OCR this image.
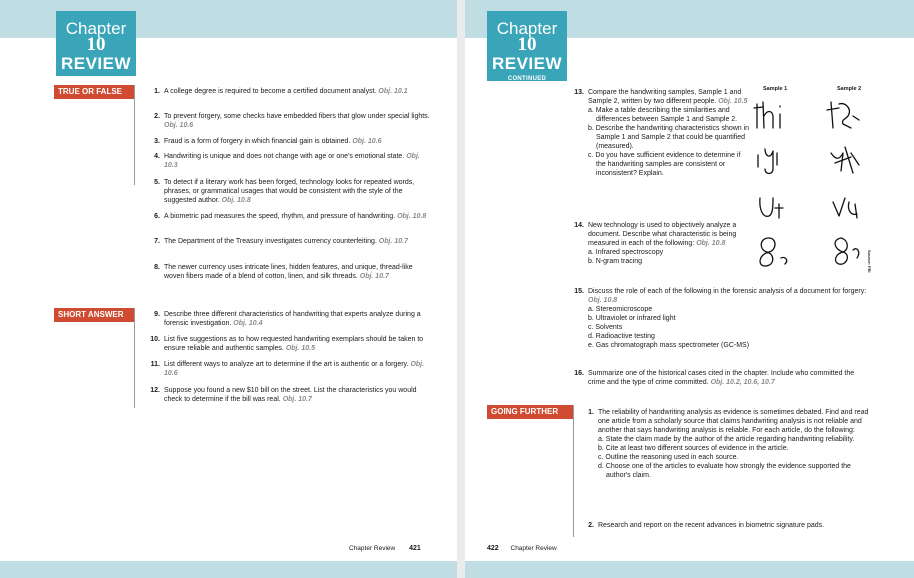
Chapter 10
REVIEW
TRUE OR FALSE
SHORT ANSWER
1. A college degree is required to become a certified document analyst. Obj. 10.1
2. To prevent forgery, some checks have embedded fibers that glow under special lights. Obj. 10.6
3. Fraud is a form of forgery in which financial gain is obtained. Obj. 10.6
4. Handwriting is unique and does not change with age or one's emotional state. Obj. 10.3
5. To detect if a literary work has been forged, technology looks for repeated words, phrases, or grammatical usages that would be consistent with the style of the suggested author. Obj. 10.8
6. A biometric pad measures the speed, rhythm, and pressure of handwriting. Obj. 10.8
7. The Department of the Treasury investigates currency counterfeiting. Obj. 10.7
8. The newer currency uses intricate lines, hidden features, and unique, thread-like woven fibers made of a blend of cotton, linen, and silk threads. Obj. 10.7
9. Describe three different characteristics of handwriting that experts analyze during a forensic investigation. Obj. 10.4
10. List five suggestions as to how requested handwriting exemplars should be taken to ensure reliable and authentic samples. Obj. 10.5
11. List different ways to analyze art to determine if the art is authentic or a forgery. Obj. 10.6
12. Suppose you found a new $10 bill on the street. List the characteristics you would check to determine if the bill was real. Obj. 10.7
Chapter Review 421
Chapter 10
REVIEW
CONTINUED
13. Compare the handwriting samples, Sample 1 and Sample 2, written by two different people. Obj. 10.5
a. Make a table describing the similarities and differences between Sample 1 and Sample 2.
b. Describe the handwriting characteristics shown in Sample 1 and Sample 2 that could be quantified (measured).
c. Do you have sufficient evidence to determine if the handwriting samples are consistent or inconsistent? Explain.
14. New technology is used to objectively analyze a document. Describe what characteristic is being measured in each of the following: Obj. 10.8
a. Infrared spectroscopy
b. N-gram tracing
Sample 1	Sample 2
Source: FBI
15. Discuss the role of each of the following in the forensic analysis of a document for forgery: Obj. 10.8
a. Stereomicroscope
b. Ultraviolet or infrared light
c. Solvents
d. Radioactive testing
e. Gas chromatograph mass spectrometer (GC-MS)
16. Summarize one of the historical cases cited in the chapter. Include who committed the crime and the type of crime committed. Obj. 10.2, 10.6, 10.7
GOING FURTHER	1. The reliability of handwriting analysis as evidence is sometimes debated. Find and read one article from a scholarly source that claims handwriting analysis is not reliable and another that says handwriting analysis is reliable. For each article, do the following:
a. State the claim made by the author of the article regarding handwriting reliability.
b. Cite at least two different sources of evidence in the article.
c. Outline the reasoning used in each source.
d. Choose one of the articles to evaluate how strongly the evidence supported the author's claim.
2. Research and report on the recent advances in biometric signature pads.
422 Chapter Review
